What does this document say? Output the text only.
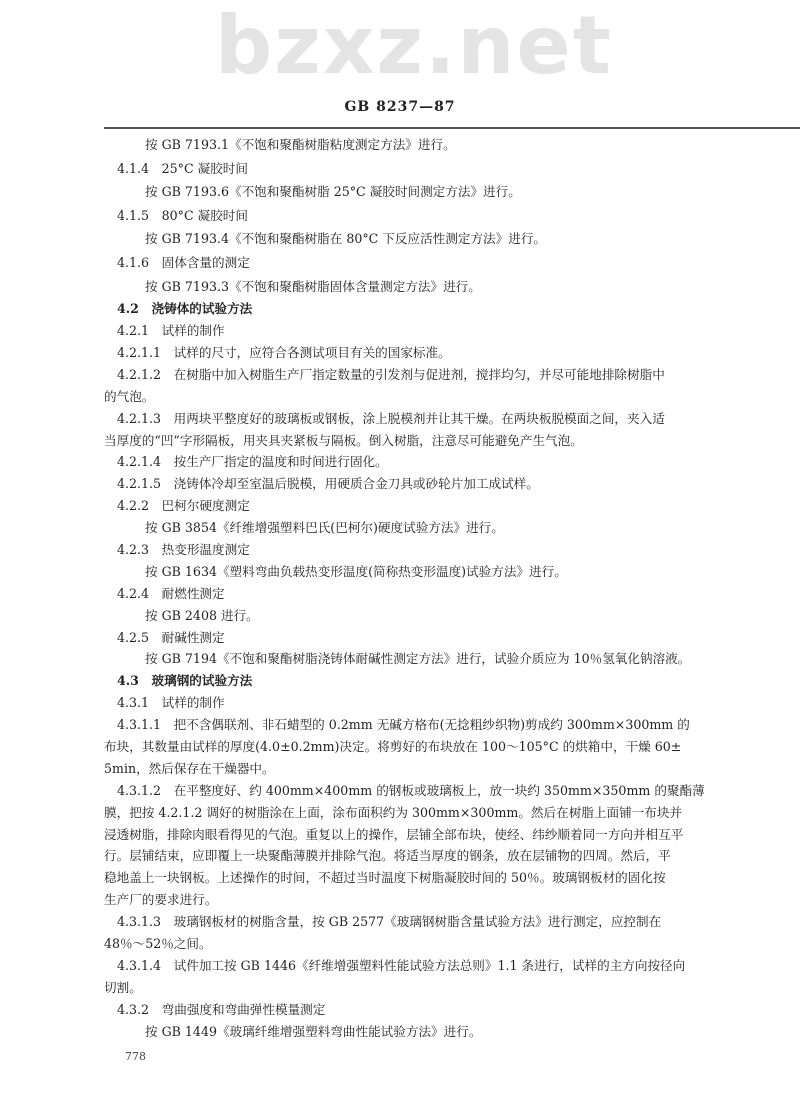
bzxz.net
GB 8237—87
按 GB 7193.1《不饱和聚酯树脂粘度测定方法》进行。
4.1.4　25°C 凝胶时间
按 GB 7193.6《不饱和聚酯树脂 25°C 凝胶时间测定方法》进行。
4.1.5　80°C 凝胶时间
按 GB 7193.4《不饱和聚酯树脂在 80°C 下反应活性测定方法》进行。
4.1.6　固体含量的测定
按 GB 7193.3《不饱和聚酯树脂固体含量测定方法》进行。
4.2　浇铸体的试验方法
4.2.1　试样的制作
4.2.1.1　试样的尺寸，应符合各测试项目有关的国家标准。
4.2.1.2　在树脂中加入树脂生产厂指定数量的引发剂与促进剂，搅拌均匀，并尽可能地排除树脂中
的气泡。
4.2.1.3　用两块平整度好的玻璃板或钢板，涂上脱模剂并让其干燥。在两块板脱模面之间，夹入适
当厚度的“凹”字形隔板，用夹具夹紧板与隔板。倒入树脂，注意尽可能避免产生气泡。
4.2.1.4　按生产厂指定的温度和时间进行固化。
4.2.1.5　浇铸体冷却至室温后脱模，用硬质合金刀具或砂轮片加工成试样。
4.2.2　巴柯尔硬度测定
按 GB 3854《纤维增强塑料巴氏(巴柯尔)硬度试验方法》进行。
4.2.3　热变形温度测定
按 GB 1634《塑料弯曲负载热变形温度(简称热变形温度)试验方法》进行。
4.2.4　耐燃性测定
按 GB 2408 进行。
4.2.5　耐碱性测定
按 GB 7194《不饱和聚酯树脂浇铸体耐碱性测定方法》进行，试验介质应为 10％氢氧化钠溶液。
4.3　玻璃钢的试验方法
4.3.1　试样的制作
4.3.1.1　把不含偶联剂、非石蜡型的 0.2mm 无碱方格布(无捻粗纱织物)剪成约 300mm×300mm 的
布块，其数量由试样的厚度(4.0±0.2mm)决定。将剪好的布块放在 100～105°C 的烘箱中，干燥 60±
5min，然后保存在干燥器中。
4.3.1.2　在平整度好、约 400mm×400mm 的钢板或玻璃板上，放一块约 350mm×350mm 的聚酯薄
膜，把按 4.2.1.2 调好的树脂涂在上面，涂布面积约为 300mm×300mm。然后在树脂上面铺一布块并
浸透树脂，排除肉眼看得见的气泡。重复以上的操作，层铺全部布块，使经、纬纱顺着同一方向并相互平
行。层铺结束，应即覆上一块聚酯薄膜并排除气泡。将适当厚度的钢条，放在层铺物的四周。然后，平
稳地盖上一块钢板。上述操作的时间，不超过当时温度下树脂凝胶时间的 50％。玻璃钢板材的固化按
生产厂的要求进行。
4.3.1.3　玻璃钢板材的树脂含量，按 GB 2577《玻璃钢树脂含量试验方法》进行测定，应控制在
48％～52％之间。
4.3.1.4　试件加工按 GB 1446《纤维增强塑料性能试验方法总则》1.1 条进行，试样的主方向按径向
切割。
4.3.2　弯曲强度和弯曲弹性模量测定
按 GB 1449《玻璃纤维增强塑料弯曲性能试验方法》进行。
778
